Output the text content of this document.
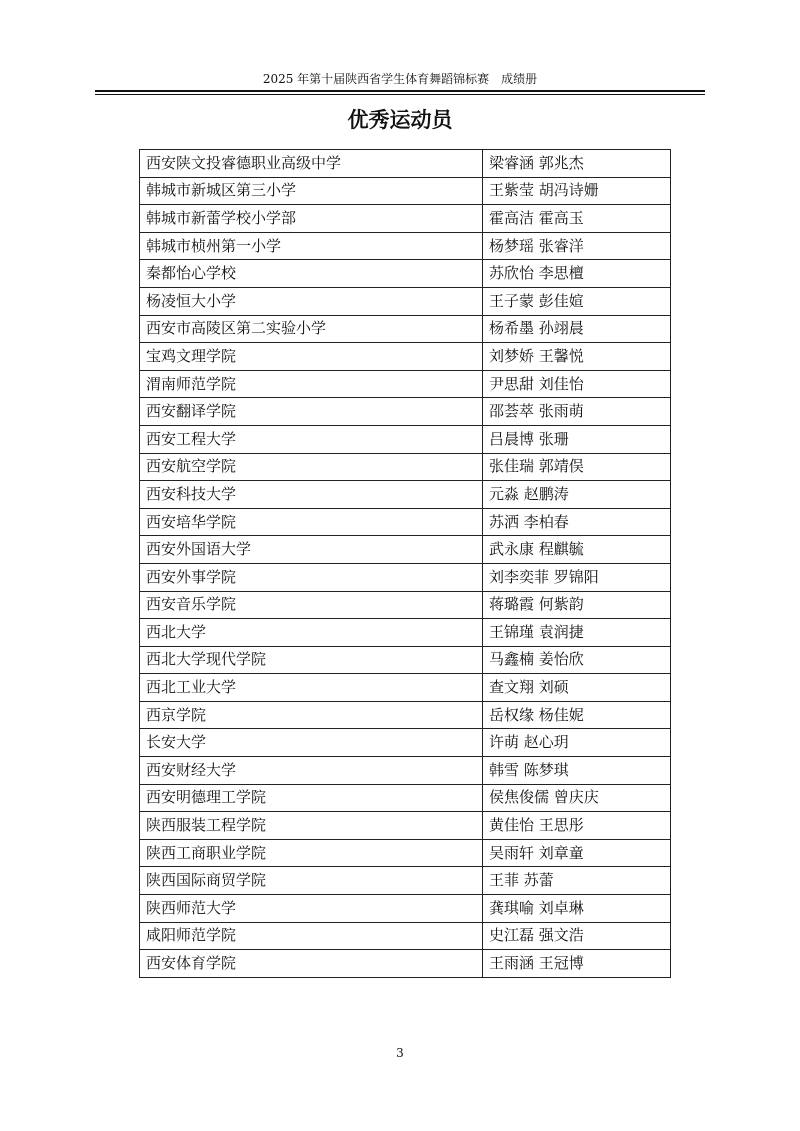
2025 年第十届陕西省学生体育舞蹈锦标赛　成绩册
优秀运动员
西安陕文投睿德职业高级中学	梁睿涵 郭兆杰
韩城市新城区第三小学	王紫莹 胡冯诗姗
韩城市新蕾学校小学部	霍高洁 霍高玉
韩城市桢州第一小学	杨梦瑶 张睿洋
秦都怡心学校	苏欣怡 李思檀
杨凌恒大小学	王子蒙 彭佳媗
西安市高陵区第二实验小学	杨希墨 孙翊晨
宝鸡文理学院	刘梦娇 王馨悦
渭南师范学院	尹思甜 刘佳怡
西安翻译学院	邵荟萃 张雨萌
西安工程大学	吕晨博 张珊
西安航空学院	张佳瑞 郭靖俣
西安科技大学	元淼 赵鹏涛
西安培华学院	苏洒 李柏春
西安外国语大学	武永康 程麒毓
西安外事学院	刘李奕菲 罗锦阳
西安音乐学院	蒋璐霞 何紫韵
西北大学	王锦瑾 袁润捷
西北大学现代学院	马鑫楠 姜怡欣
西北工业大学	查文翔 刘硕
西京学院	岳权缘 杨佳妮
长安大学	许萌 赵心玥
西安财经大学	韩雪 陈梦琪
西安明德理工学院	侯焦俊儒 曾庆庆
陕西服装工程学院	黄佳怡 王思彤
陕西工商职业学院	吴雨轩 刘章童
陕西国际商贸学院	王菲 苏蕾
陕西师范大学	龚琪喻 刘卓琳
咸阳师范学院	史江磊 强文浩
西安体育学院	王雨涵 王冠博
3
